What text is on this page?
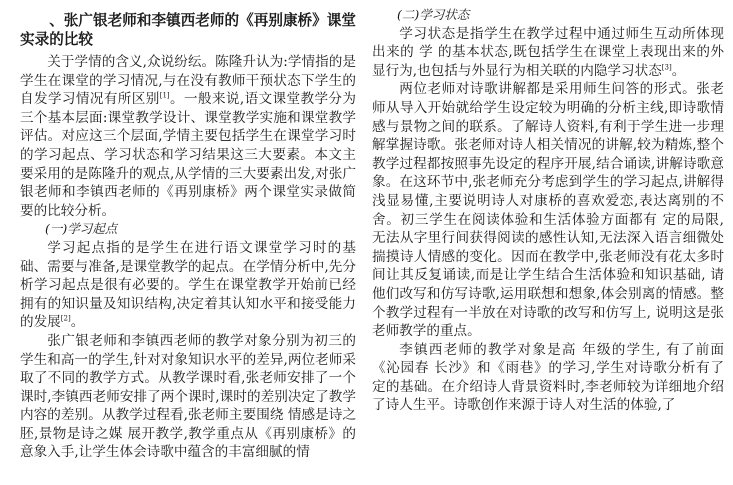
、张广银老师和李镇西老师的《再别康桥》课堂实录的比较

关于学情的含义,众说纷纭。陈隆升认为:学情指的是学生在课堂的学习情况,与在没有教师干预状态下学生的自发学习情况有所区别[1]。一般来说,语文课堂教学分为三个基本层面:课堂教学设计、课堂教学实施和课堂教学评估。对应这三个层面,学情主要包括学生在课堂学习时的学习起点、学习状态和学习结果这三大要素。本文主要采用的是陈隆升的观点,从学情的三大要素出发,对张广银老师和李镇西老师的《再别康桥》两个课堂实录做简要的比较分析。

(一)学习起点

学习起点指的是学生在进行语文课堂学习时的基础、需要与准备,是课堂教学的起点。在学情分析中,先分析学习起点是很有必要的。学生在课堂教学开始前已经拥有的知识量及知识结构,决定着其认知水平和接受能力的发展[2]。

张广银老师和李镇西老师的教学对象分别为初三的学生和高一的学生,针对对象知识水平的差异,两位老师采取了不同的教学方式。从教学课时看,张老师安排了一个课时,李镇西老师安排了两个课时,课时的差别决定了教学内容的差别。从教学过程看,张老师主要围绕 情感是诗之胚,景物是诗之媒 展开教学,教学重点从《再别康桥》的意象入手,让学生体会诗歌中蕴含的丰富细腻的情

(二)学习状态

学习状态是指学生在教学过程中通过师生互动所体现出来的 学 的基本状态,既包括学生在课堂上表现出来的外显行为,也包括与外显行为相关联的内隐学习状态[3]。

两位老师对诗歌讲解都是采用师生问答的形式。张老师从导入开始就给学生设定较为明确的分析主线,即诗歌情感与景物之间的联系。了解诗人资料,有利于学生进一步理解掌握诗歌。张老师对诗人相关情况的讲解,较为精炼,整个教学过程都按照事先设定的程序开展,结合诵读,讲解诗歌意象。在这环节中,张老师充分考虑到学生的学习起点,讲解得浅显易懂,主要说明诗人对康桥的喜欢爱恋,表达离别的不舍。初三学生在阅读体验和生活体验方面都有 定的局限, 无法从字里行间获得阅读的感性认知,无法深入语言细微处揣摸诗人情感的变化。因而在教学中,张老师没有花太多时间让其反复诵读,而是让学生结合生活体验和知识基础, 请他们改写和仿写诗歌,运用联想和想象,体会别离的情感。整个教学过程有一半放在对诗歌的改写和仿写上, 说明这是张老师教学的重点。

李镇西老师的教学对象是高 年级的学生, 有了前面《沁园春 长沙》和《雨巷》的学习,学生对诗歌分析有了 定的基础。在介绍诗人背景资料时,李老师较为详细地介绍了诗人生平。诗歌创作来源于诗人对生活的体验,了
